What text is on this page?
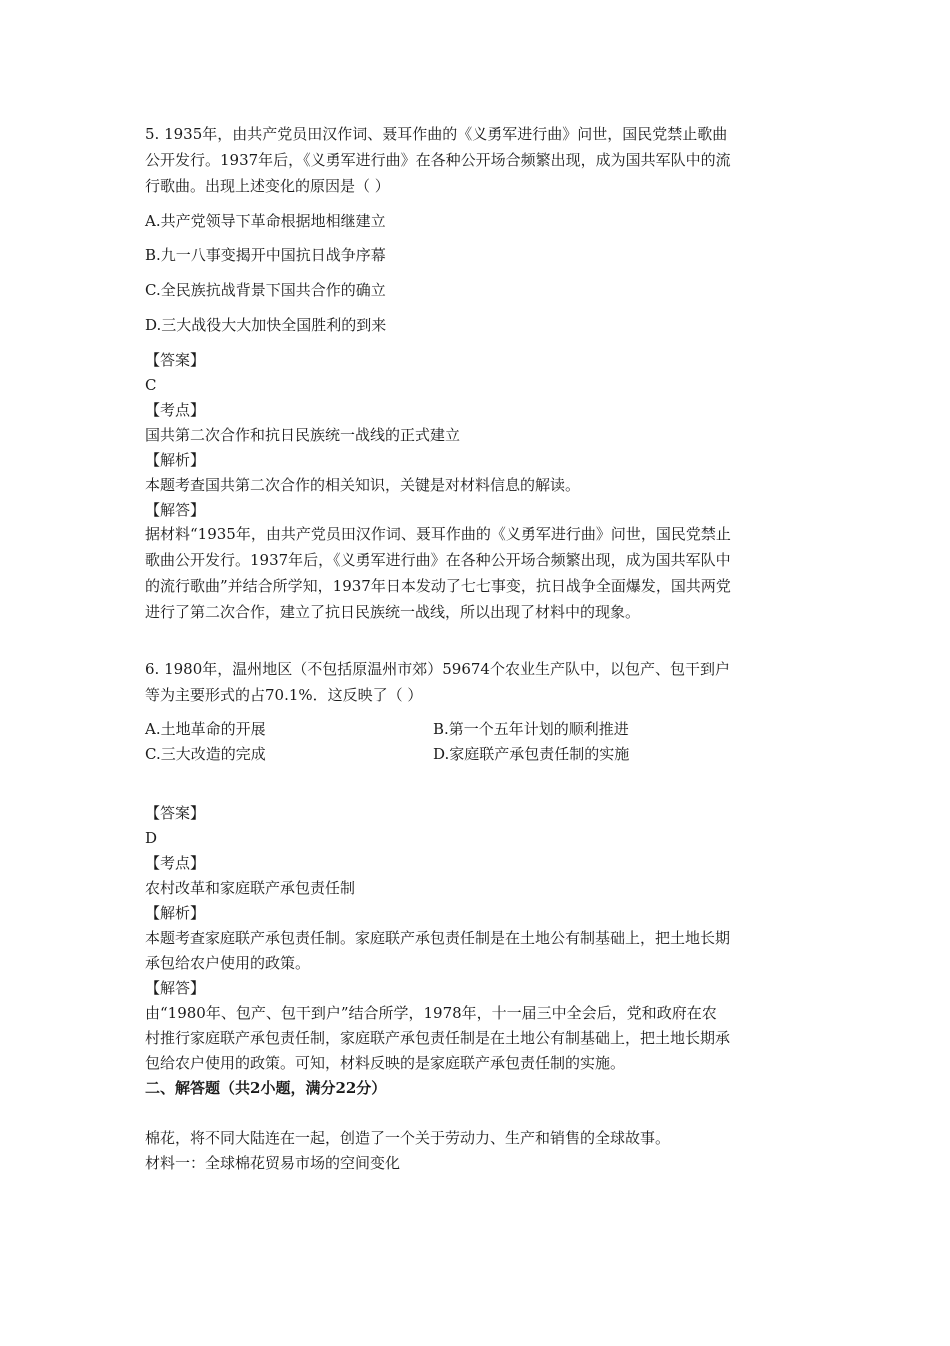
5. 1935年，由共产党员田汉作词、聂耳作曲的《义勇军进行曲》问世，国民党禁止歌曲
公开发行。1937年后，《义勇军进行曲》在各种公开场合频繁出现，成为国共军队中的流
行歌曲。出现上述变化的原因是（ ）
A.共产党领导下革命根据地相继建立
B.九一八事变揭开中国抗日战争序幕
C.全民族抗战背景下国共合作的确立
D.三大战役大大加快全国胜利的到来
【答案】
C
【考点】
国共第二次合作和抗日民族统一战线的正式建立
【解析】
本题考查国共第二次合作的相关知识，关键是对材料信息的解读。
【解答】
据材料“1935年，由共产党员田汉作词、聂耳作曲的《义勇军进行曲》问世，国民党禁止
歌曲公开发行。1937年后，《义勇军进行曲》在各种公开场合频繁出现，成为国共军队中
的流行歌曲”并结合所学知，1937年日本发动了七七事变，抗日战争全面爆发，国共两党
进行了第二次合作，建立了抗日民族统一战线，所以出现了材料中的现象。
6. 1980年，温州地区（不包括原温州市郊）59674个农业生产队中，以包产、包干到户
等为主要形式的占70.1%．这反映了（ ）
A.土地革命的开展	B.第一个五年计划的顺利推进
C.三大改造的完成	D.家庭联产承包责任制的实施
【答案】
D
【考点】
农村改革和家庭联产承包责任制
【解析】
本题考查家庭联产承包责任制。家庭联产承包责任制是在土地公有制基础上，把土地长期
承包给农户使用的政策。
【解答】
由“1980年、包产、包干到户”结合所学，1978年，十一届三中全会后，党和政府在农
村推行家庭联产承包责任制，家庭联产承包责任制是在土地公有制基础上，把土地长期承
包给农户使用的政策。可知，材料反映的是家庭联产承包责任制的实施。
二、解答题（共2小题，满分22分）
棉花，将不同大陆连在一起，创造了一个关于劳动力、生产和销售的全球故事。
材料一：全球棉花贸易市场的空间变化
